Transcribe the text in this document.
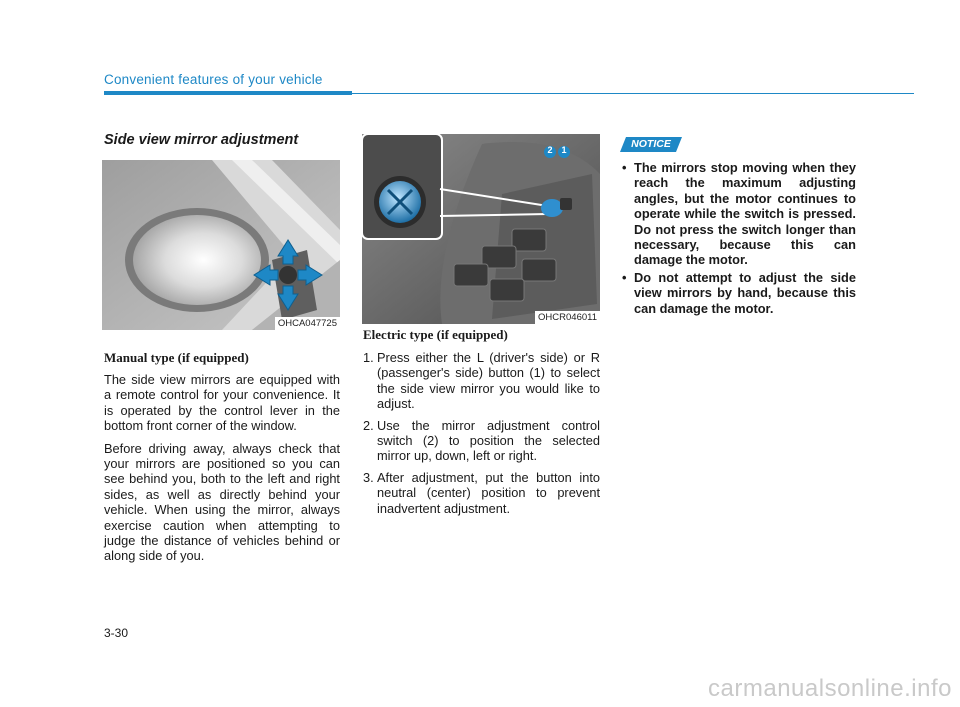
Convenient features of your vehicle
Side view mirror adjustment
OHCA047725
Manual type (if equipped)

The side view mirrors are equipped with a remote control for your convenience. It is operated by the control lever in the bottom front corner of the window.

Before driving away, always check that your mirrors are positioned so you can see behind you, both to the left and right sides, as well as directly behind your vehicle. When using the mirror, always exercise caution when attempting to judge the distance of vehicles behind or along side of you.

2 1
OHCR046011
Electric type (if equipped)
1. Press either the L (driver's side) or R (passenger's side) button (1) to select the side view mirror you would like to adjust.
2. Use the mirror adjustment control switch (2) to position the selected mirror up, down, left or right.
3. After adjustment, put the button into neutral (center) position to prevent inadvertent adjustment.
NOTICE
• The mirrors stop moving when they reach the maximum adjusting angles, but the motor continues to operate while the switch is pressed. Do not press the switch longer than necessary, because this can damage the motor.
• Do not attempt to adjust the side view mirrors by hand, because this can damage the motor.
3-30
carmanualsonline.info
